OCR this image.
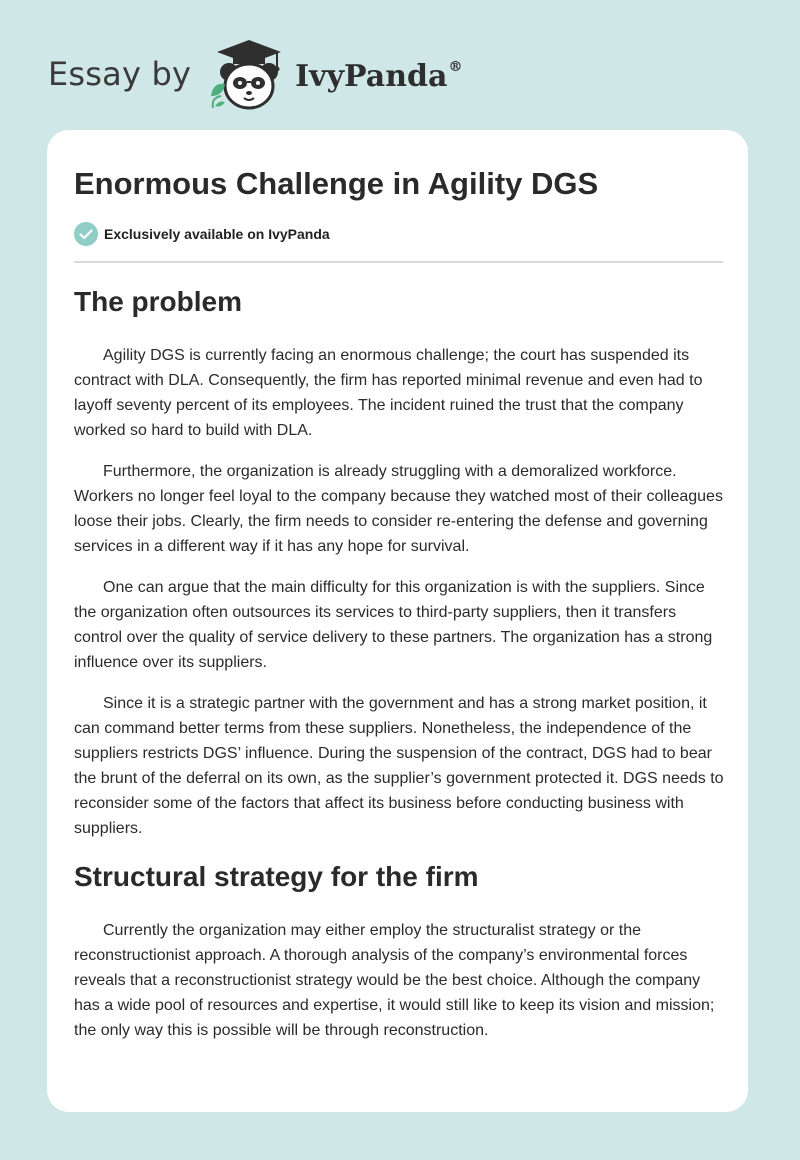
Essay by	IvyPanda®
Enormous Challenge in Agility DGS
Exclusively available on IvyPanda
The problem

Agility DGS is currently facing an enormous challenge; the court has suspended its contract with DLA. Consequently, the firm has reported minimal revenue and even had to layoff seventy percent of its employees. The incident ruined the trust that the company worked so hard to build with DLA.

Furthermore, the organization is already struggling with a demoralized workforce. Workers no longer feel loyal to the company because they watched most of their colleagues loose their jobs. Clearly, the firm needs to consider re-entering the defense and governing services in a different way if it has any hope for survival.

One can argue that the main difficulty for this organization is with the suppliers. Since the organization often outsources its services to third-party suppliers, then it transfers control over the quality of service delivery to these partners. The organization has a strong influence over its suppliers.

Since it is a strategic partner with the government and has a strong market position, it can command better terms from these suppliers. Nonetheless, the independence of the suppliers restricts DGS’ influence. During the suspension of the contract, DGS had to bear the brunt of the deferral on its own, as the supplier’s government protected it. DGS needs to reconsider some of the factors that affect its business before conducting business with suppliers.

Structural strategy for the firm

Currently the organization may either employ the structuralist strategy or the reconstructionist approach. A thorough analysis of the company’s environmental forces reveals that a reconstructionist strategy would be the best choice. Although the company has a wide pool of resources and expertise, it would still like to keep its vision and mission; the only way this is possible will be through reconstruction.
